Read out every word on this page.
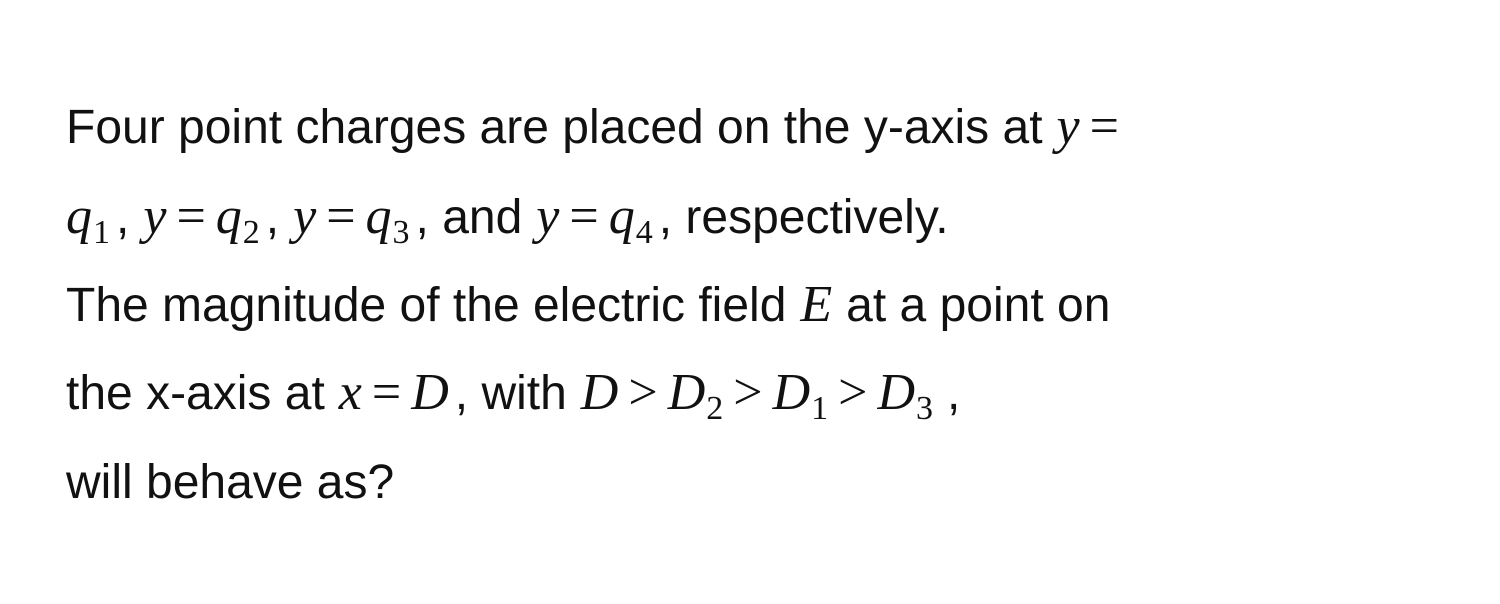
Four point charges are placed on the y-axis at y =
q1 , y = q2 , y = q3 , and y = q4 , respectively.
The magnitude of the electric field E at a point on
the x-axis at x = D , with D > D2 > D1 > D3 ,
will behave as?
